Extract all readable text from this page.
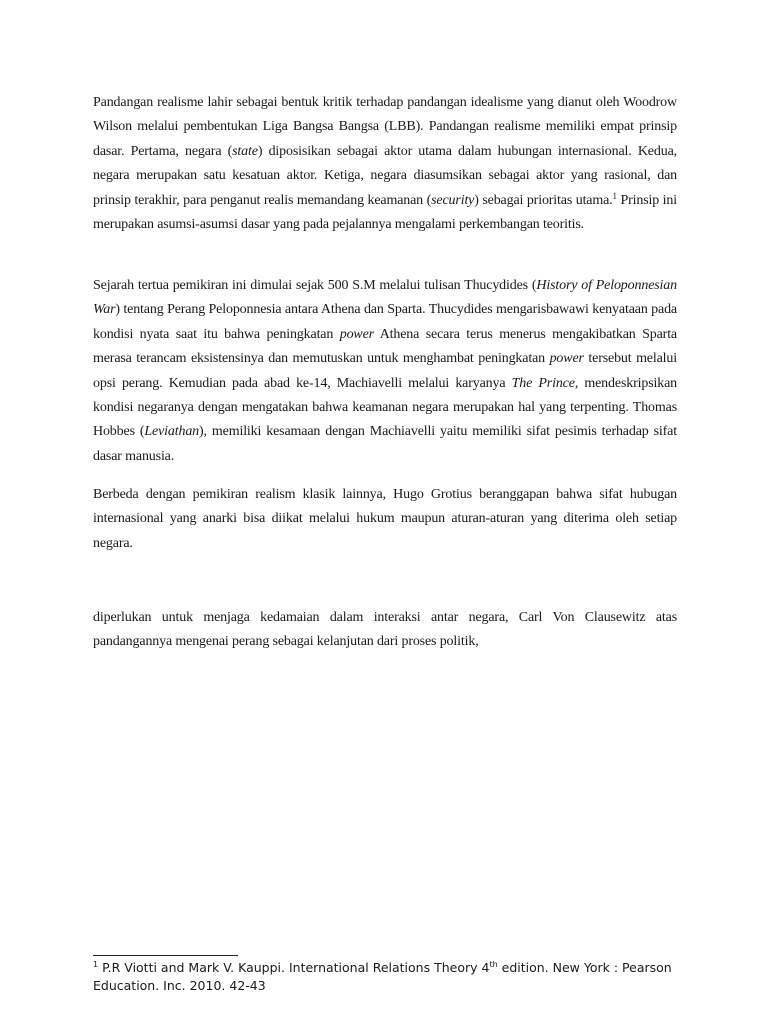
Pandangan realisme lahir sebagai bentuk kritik terhadap pandangan idealisme yang dianut oleh Woodrow Wilson melalui pembentukan Liga Bangsa Bangsa (LBB). Pandangan realisme memiliki empat prinsip dasar. Pertama, negara (state) diposisikan sebagai aktor utama dalam hubungan internasional. Kedua, negara merupakan satu kesatuan aktor. Ketiga, negara diasumsikan sebagai aktor yang rasional, dan prinsip terakhir, para penganut realis memandang keamanan (security) sebagai prioritas utama.$^1$ Prinsip ini merupakan asumsi-asumsi dasar yang pada pejalannya mengalami perkembangan teoritis.

Sejarah tertua pemikiran ini dimulai sejak 500 S.M melalui tulisan Thucydides (History of Peloponnesian War) tentang Perang Peloponnesia antara Athena dan Sparta. Thucydides mengarisbawawi kenyataan pada kondisi nyata saat itu bahwa peningkatan power Athena secara terus menerus mengakibatkan Sparta merasa terancam eksistensinya dan memutuskan untuk menghambat peningkatan power tersebut melalui opsi perang. Kemudian pada abad ke-14, Machiavelli melalui karyanya The Prince, mendeskripsikan kondisi negaranya dengan mengatakan bahwa keamanan negara merupakan hal yang terpenting. Thomas Hobbes (Leviathan), memiliki kesamaan dengan Machiavelli yaitu memiliki sifat pesimis terhadap sifat dasar manusia.

Berbeda dengan pemikiran realism klasik lainnya, Hugo Grotius beranggapan bahwa sifat hubugan internasional yang anarki bisa diikat melalui hukum maupun aturan-aturan yang diterima oleh setiap negara.

diperlukan untuk menjaga kedamaian dalam interaksi antar negara, Carl Von Clausewitz atas pandangannya mengenai perang sebagai kelanjutan dari proses politik,

$^1$ P.R Viotti and Mark V. Kauppi. International Relations Theory 4th edition. New York : Pearson Education. Inc. 2010. 42-43
